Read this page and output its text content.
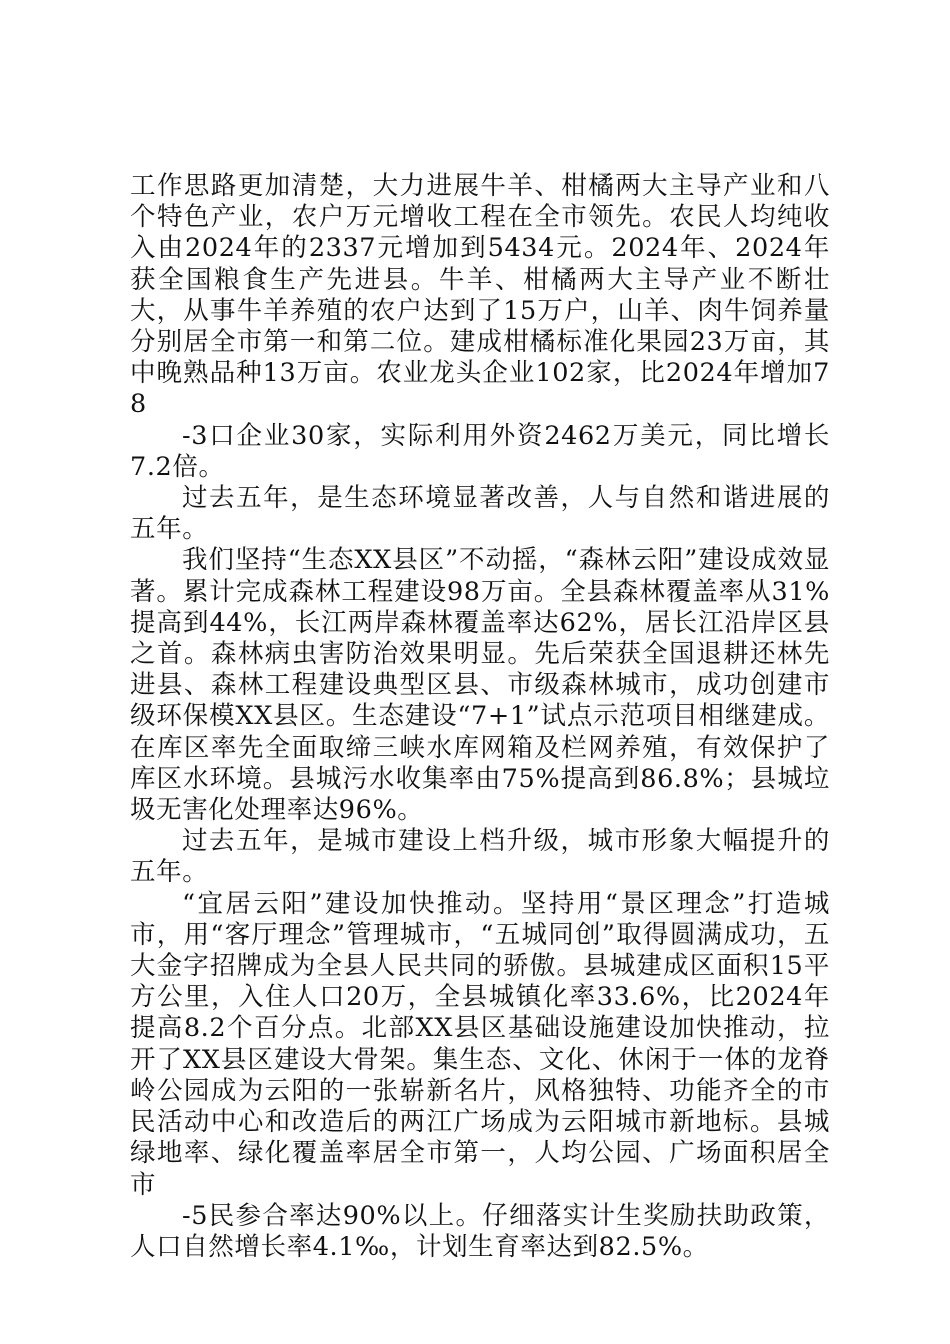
工作思路更加清楚，大力进展牛羊、柑橘两大主导产业和八个特色产业，农户万元增收工程在全市领先。农民人均纯收入由2024年的2337元增加到5434元。2024年、2024年获全国粮食生产先进县。牛羊、柑橘两大主导产业不断壮大，从事牛羊养殖的农户达到了15万户，山羊、肉牛饲养量分别居全市第一和第二位。建成柑橘标准化果园23万亩，其中晚熟品种13万亩。农业龙头企业102家，比2024年增加78

-3口企业30家，实际利用外资2462万美元，同比增长7.2倍。

过去五年，是生态环境显著改善，人与自然和谐进展的五年。

我们坚持“生态XX县区”不动摇，“森林云阳”建设成效显著。累计完成森林工程建设98万亩。全县森林覆盖率从31%提高到44%，长江两岸森林覆盖率达62%，居长江沿岸区县之首。森林病虫害防治效果明显。先后荣获全国退耕还林先进县、森林工程建设典型区县、市级森林城市，成功创建市级环保模XX县区。生态建设“7+1”试点示范项目相继建成。在库区率先全面取缔三峡水库网箱及栏网养殖，有效保护了库区水环境。县城污水收集率由75%提高到86.8%；县城垃圾无害化处理率达96%。

过去五年，是城市建设上档升级，城市形象大幅提升的五年。

“宜居云阳”建设加快推动。坚持用“景区理念”打造城市，用“客厅理念”管理城市，“五城同创”取得圆满成功，五大金字招牌成为全县人民共同的骄傲。县城建成区面积15平方公里，入住人口20万，全县城镇化率33.6%，比2024年提高8.2个百分点。北部XX县区基础设施建设加快推动，拉开了XX县区建设大骨架。集生态、文化、休闲于一体的龙脊岭公园成为云阳的一张崭新名片，风格独特、功能齐全的市民活动中心和改造后的两江广场成为云阳城市新地标。县城绿地率、绿化覆盖率居全市第一，人均公园、广场面积居全市

-5民参合率达90%以上。仔细落实计生奖励扶助政策，人口自然增长率4.1‰，计划生育率达到82.5%。
